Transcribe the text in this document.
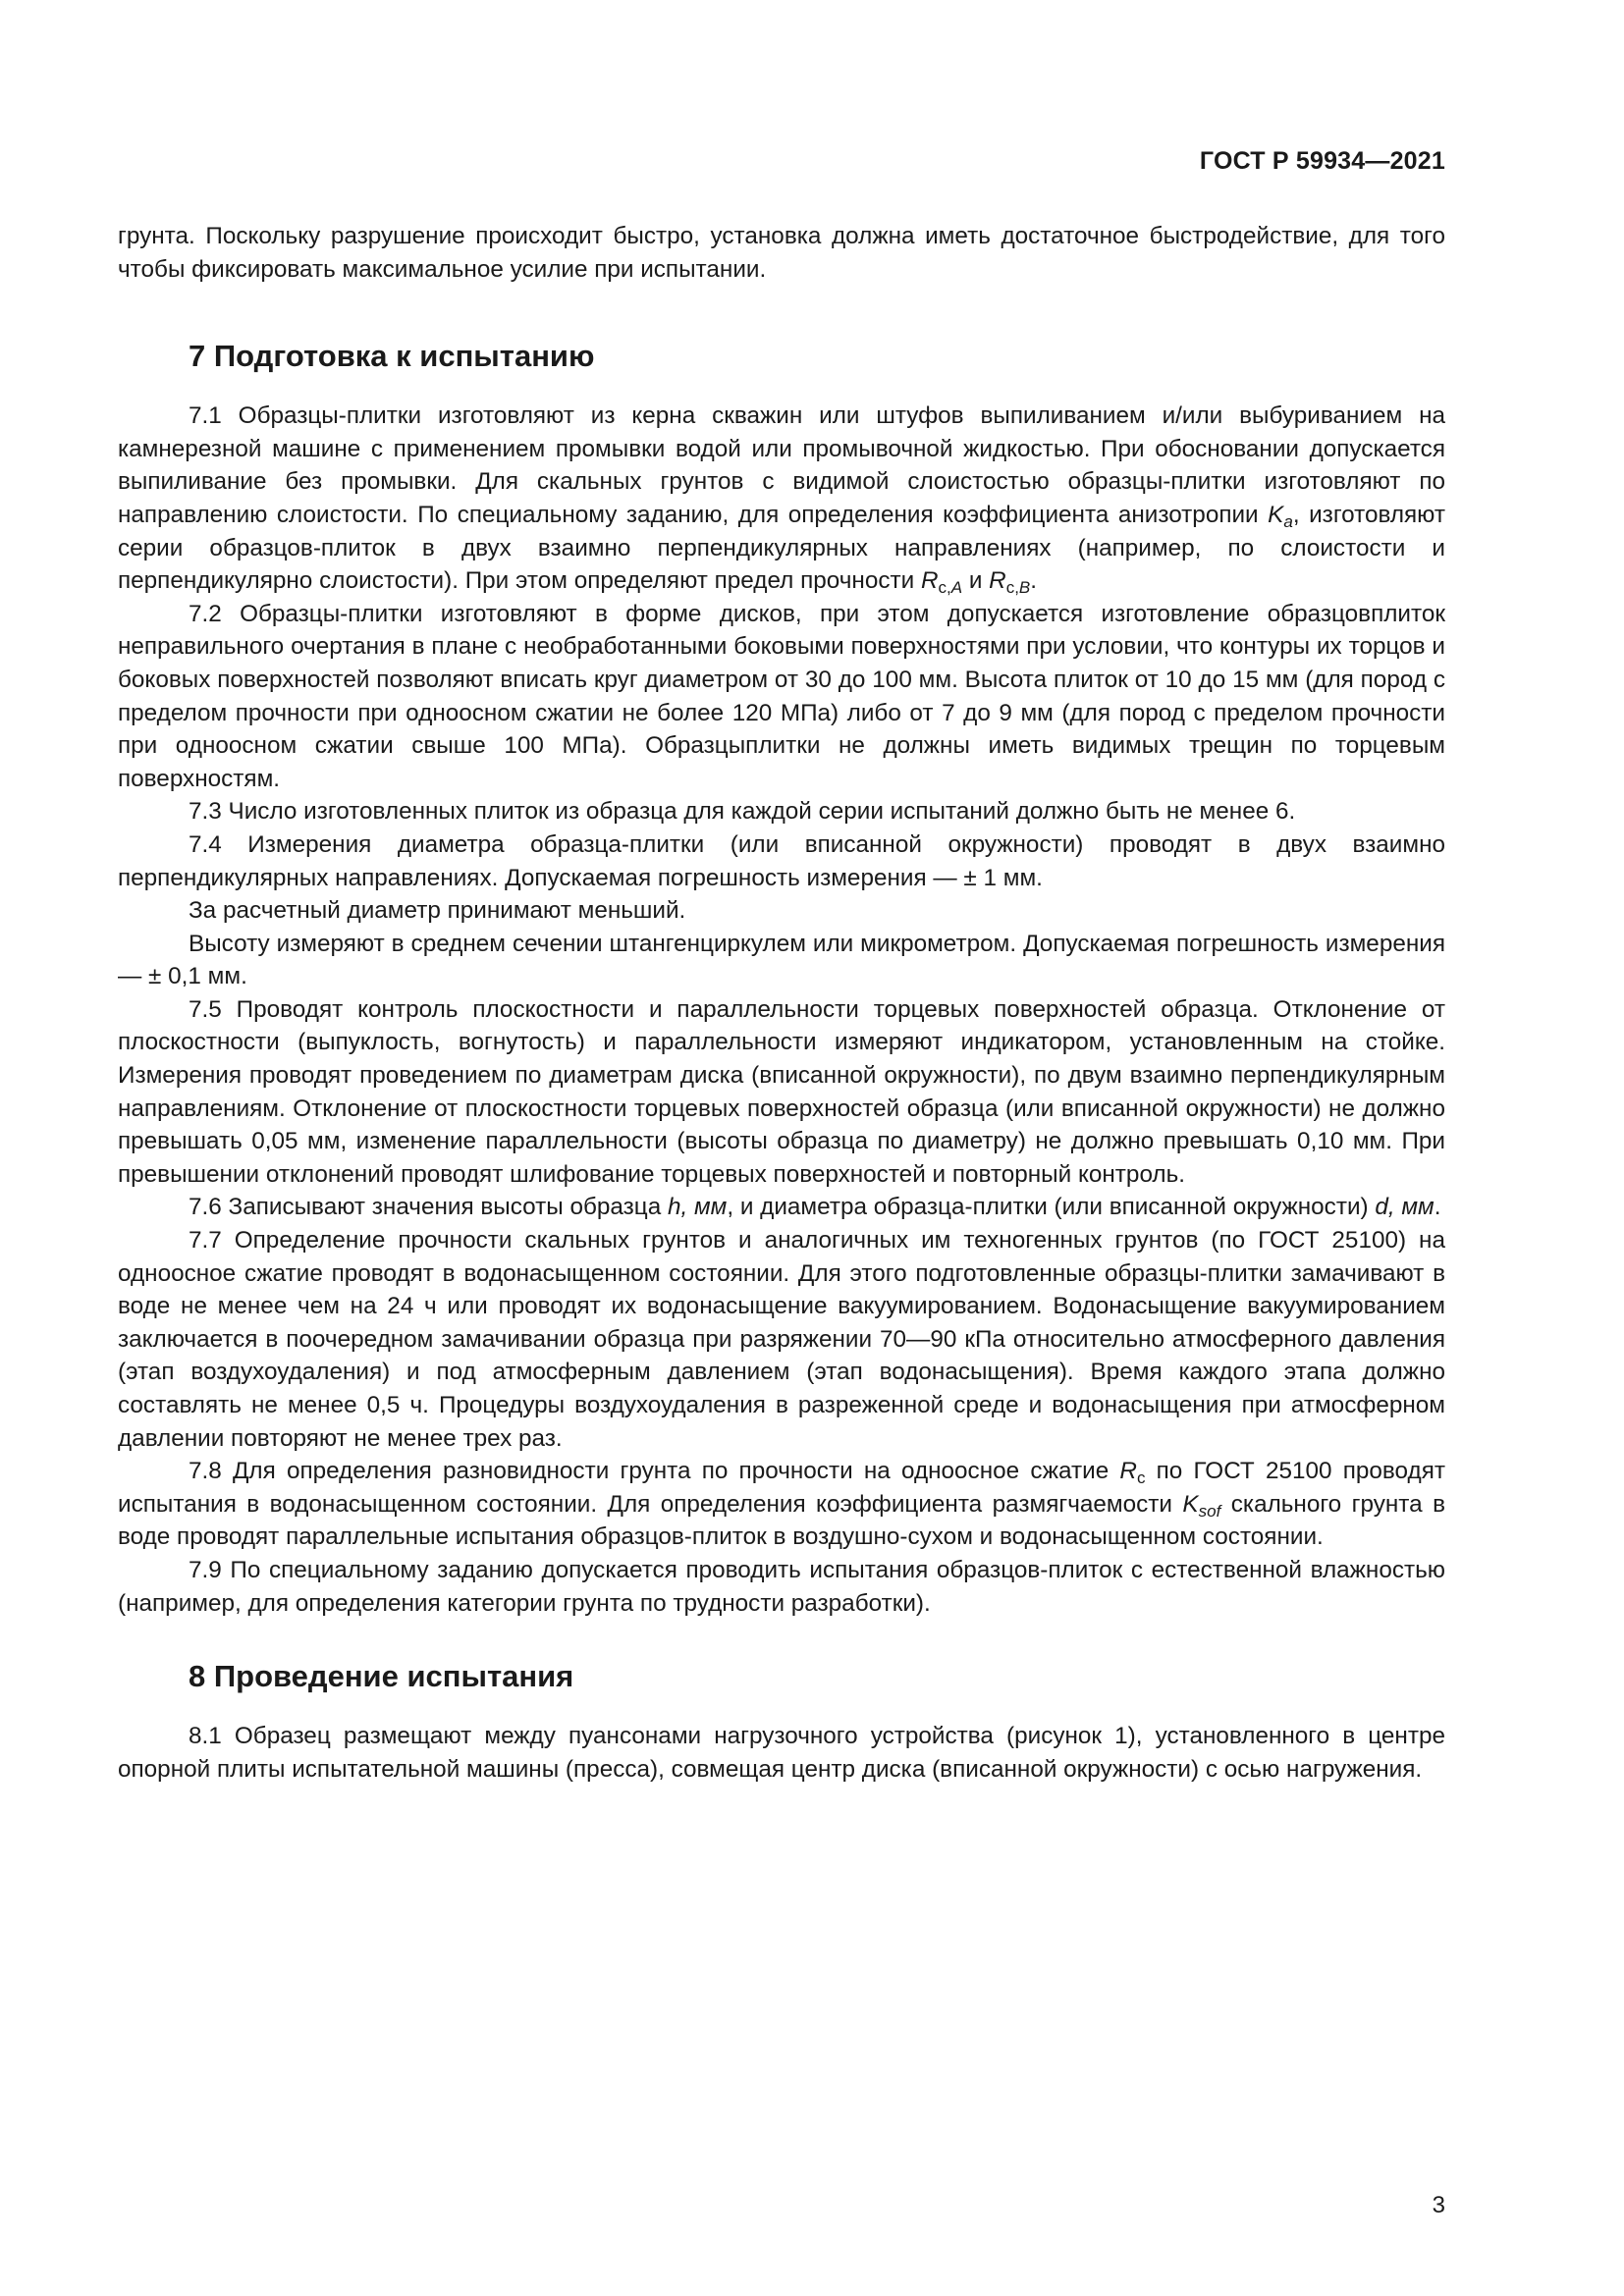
ГОСТ Р 59934—2021

грунта. Поскольку разрушение происходит быстро, установка должна иметь достаточное быстродействие, для того чтобы фиксировать максимальное усилие при испытании.

7 Подготовка к испытанию

7.1 Образцы-плитки изготовляют из керна скважин или штуфов выпиливанием и/или выбуриванием на камнерезной машине с применением промывки водой или промывочной жидкостью. При обосновании допускается выпиливание без промывки. Для скальных грунтов с видимой слоистостью образцы-плитки изготовляют по направлению слоистости. По специальному заданию, для определения коэффициента анизотропии $K_a$, изготовляют серии образцов-плиток в двух взаимно перпендикулярных направлениях (например, по слоистости и перпендикулярно слоистости). При этом определяют предел прочности $R_{c,A}$ и $R_{c,B}$.

7.2 Образцы-плитки изготовляют в форме дисков, при этом допускается изготовление образцовплиток неправильного очертания в плане с необработанными боковыми поверхностями при условии, что контуры их торцов и боковых поверхностей позволяют вписать круг диаметром от 30 до 100 мм. Высота плиток от 10 до 15 мм (для пород с пределом прочности при одноосном сжатии не более 120 МПа) либо от 7 до 9 мм (для пород с пределом прочности при одноосном сжатии свыше 100 МПа). Образцыплитки не должны иметь видимых трещин по торцевым поверхностям.

7.3 Число изготовленных плиток из образца для каждой серии испытаний должно быть не менее 6.

7.4 Измерения диаметра образца-плитки (или вписанной окружности) проводят в двух взаимно перпендикулярных направлениях. Допускаемая погрешность измерения — ± 1 мм.

За расчетный диаметр принимают меньший.

Высоту измеряют в среднем сечении штангенциркулем или микрометром. Допускаемая погрешность измерения — ± 0,1 мм.

7.5 Проводят контроль плоскостности и параллельности торцевых поверхностей образца. Отклонение от плоскостности (выпуклость, вогнутость) и параллельности измеряют индикатором, установленным на стойке. Измерения проводят проведением по диаметрам диска (вписанной окружности), по двум взаимно перпендикулярным направлениям. Отклонение от плоскостности торцевых поверхностей образца (или вписанной окружности) не должно превышать 0,05 мм, изменение параллельности (высоты образца по диаметру) не должно превышать 0,10 мм. При превышении отклонений проводят шлифование торцевых поверхностей и повторный контроль.

7.6 Записывают значения высоты образца h, мм, и диаметра образца-плитки (или вписанной окружности) d, мм.

7.7 Определение прочности скальных грунтов и аналогичных им техногенных грунтов (по ГОСТ 25100) на одноосное сжатие проводят в водонасыщенном состоянии. Для этого подготовленные образцы-плитки замачивают в воде не менее чем на 24 ч или проводят их водонасыщение вакуумированием. Водонасыщение вакуумированием заключается в поочередном замачивании образца при разряжении 70—90 кПа относительно атмосферного давления (этап воздухоудаления) и под атмосферным давлением (этап водонасыщения). Время каждого этапа должно составлять не менее 0,5 ч. Процедуры воздухоудаления в разреженной среде и водонасыщения при атмосферном давлении повторяют не менее трех раз.

7.8 Для определения разновидности грунта по прочности на одноосное сжатие $R_c$ по ГОСТ 25100 проводят испытания в водонасыщенном состоянии. Для определения коэффициента размягчаемости $K_{sof}$ скального грунта в воде проводят параллельные испытания образцов-плиток в воздушно-сухом и водонасыщенном состоянии.

7.9 По специальному заданию допускается проводить испытания образцов-плиток с естественной влажностью (например, для определения категории грунта по трудности разработки).

8 Проведение испытания

8.1 Образец размещают между пуансонами нагрузочного устройства (рисунок 1), установленного в центре опорной плиты испытательной машины (пресса), совмещая центр диска (вписанной окружности) с осью нагружения.

3
